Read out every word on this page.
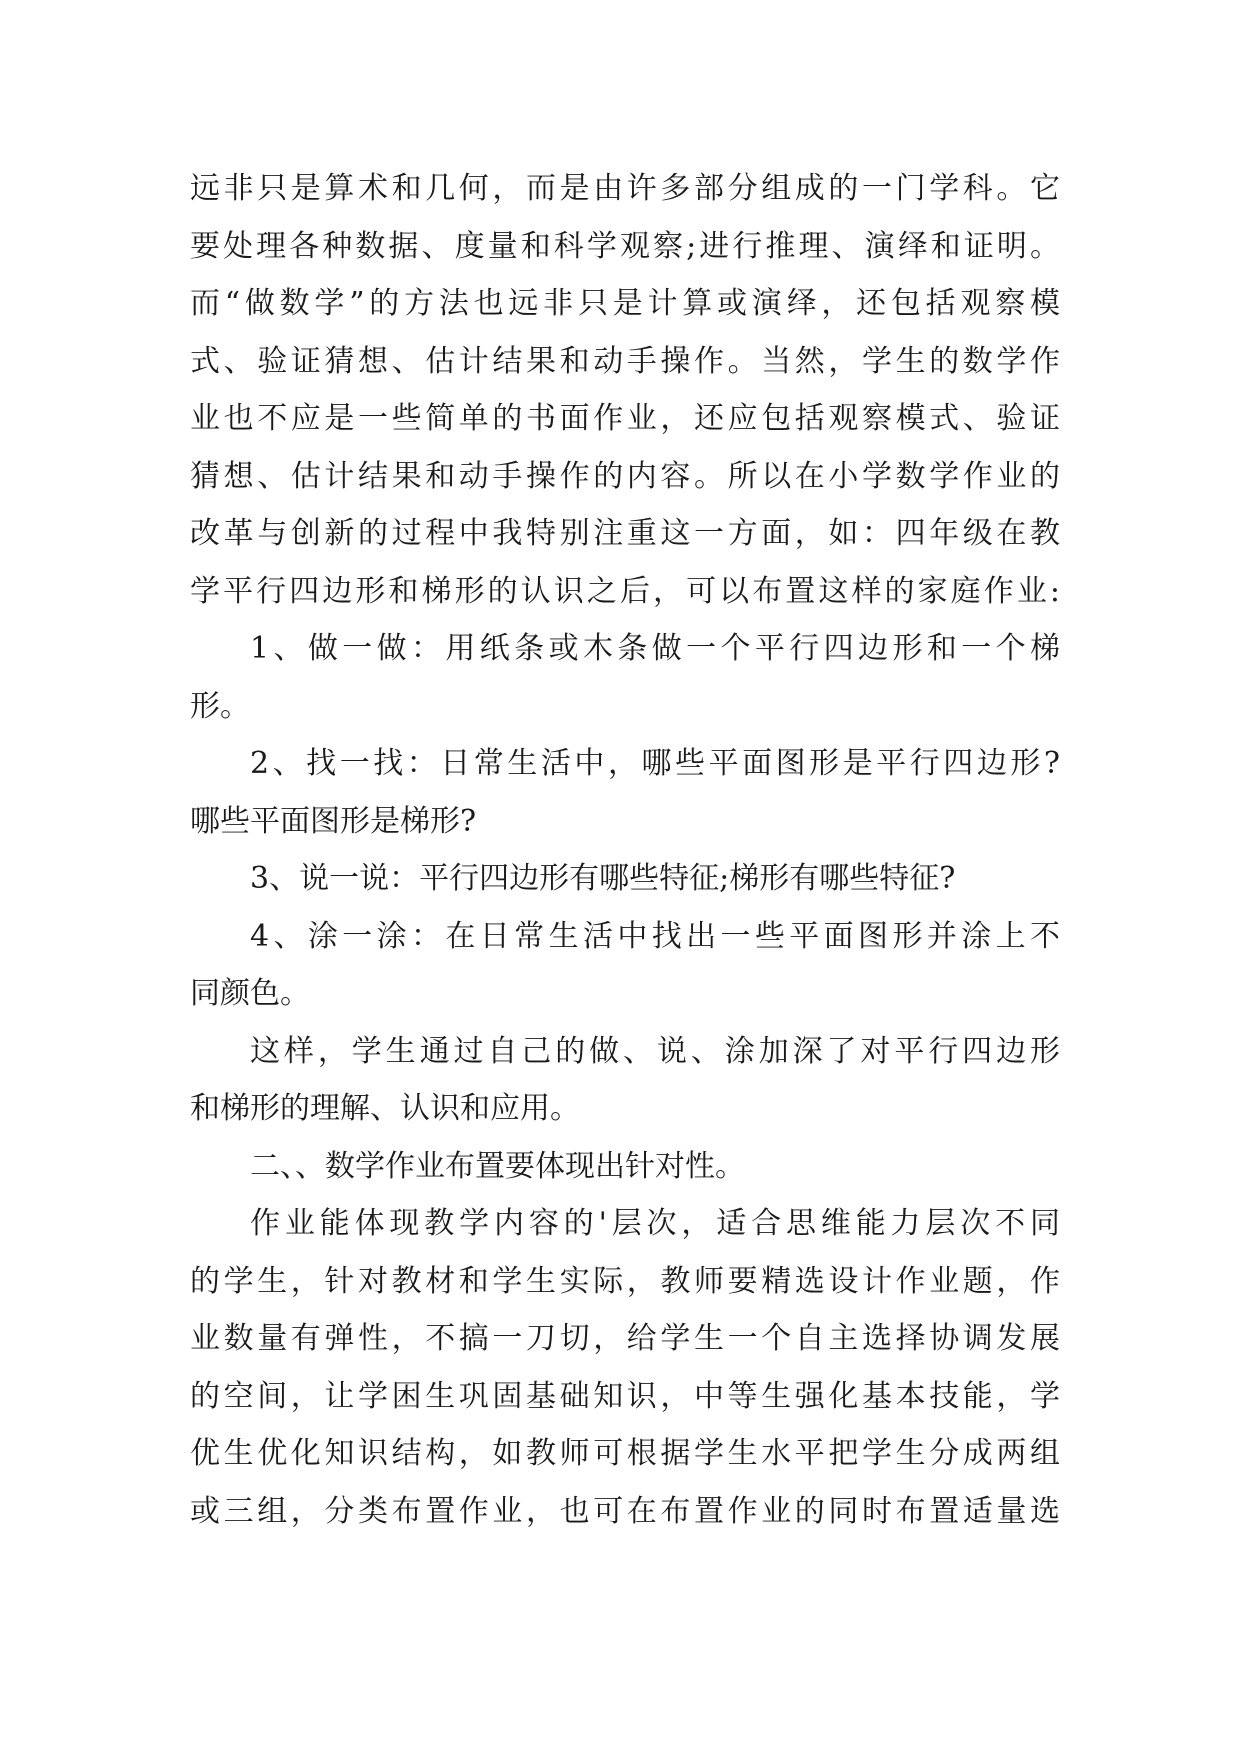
远非只是算术和几何，而是由许多部分组成的一门学科。它
要处理各种数据、度量和科学观察;进行推理、演绎和证明。
而“做数学”的方法也远非只是计算或演绎，还包括观察模
式、验证猜想、估计结果和动手操作。当然，学生的数学作
业也不应是一些简单的书面作业，还应包括观察模式、验证
猜想、估计结果和动手操作的内容。所以在小学数学作业的
改革与创新的过程中我特别注重这一方面，如：四年级在教
学平行四边形和梯形的认识之后，可以布置这样的家庭作业:
1、做一做：用纸条或木条做一个平行四边形和一个梯
形。
2、找一找：日常生活中，哪些平面图形是平行四边形?
哪些平面图形是梯形?
3、说一说：平行四边形有哪些特征;梯形有哪些特征?
4、涂一涂：在日常生活中找出一些平面图形并涂上不
同颜色。
这样，学生通过自己的做、说、涂加深了对平行四边形
和梯形的理解、认识和应用。
二、、数学作业布置要体现出针对性。
作业能体现教学内容的'层次，适合思维能力层次不同
的学生，针对教材和学生实际，教师要精选设计作业题，作
业数量有弹性，不搞一刀切，给学生一个自主选择协调发展
的空间，让学困生巩固基础知识，中等生强化基本技能，学
优生优化知识结构，如教师可根据学生水平把学生分成两组
或三组，分类布置作业，也可在布置作业的同时布置适量选
